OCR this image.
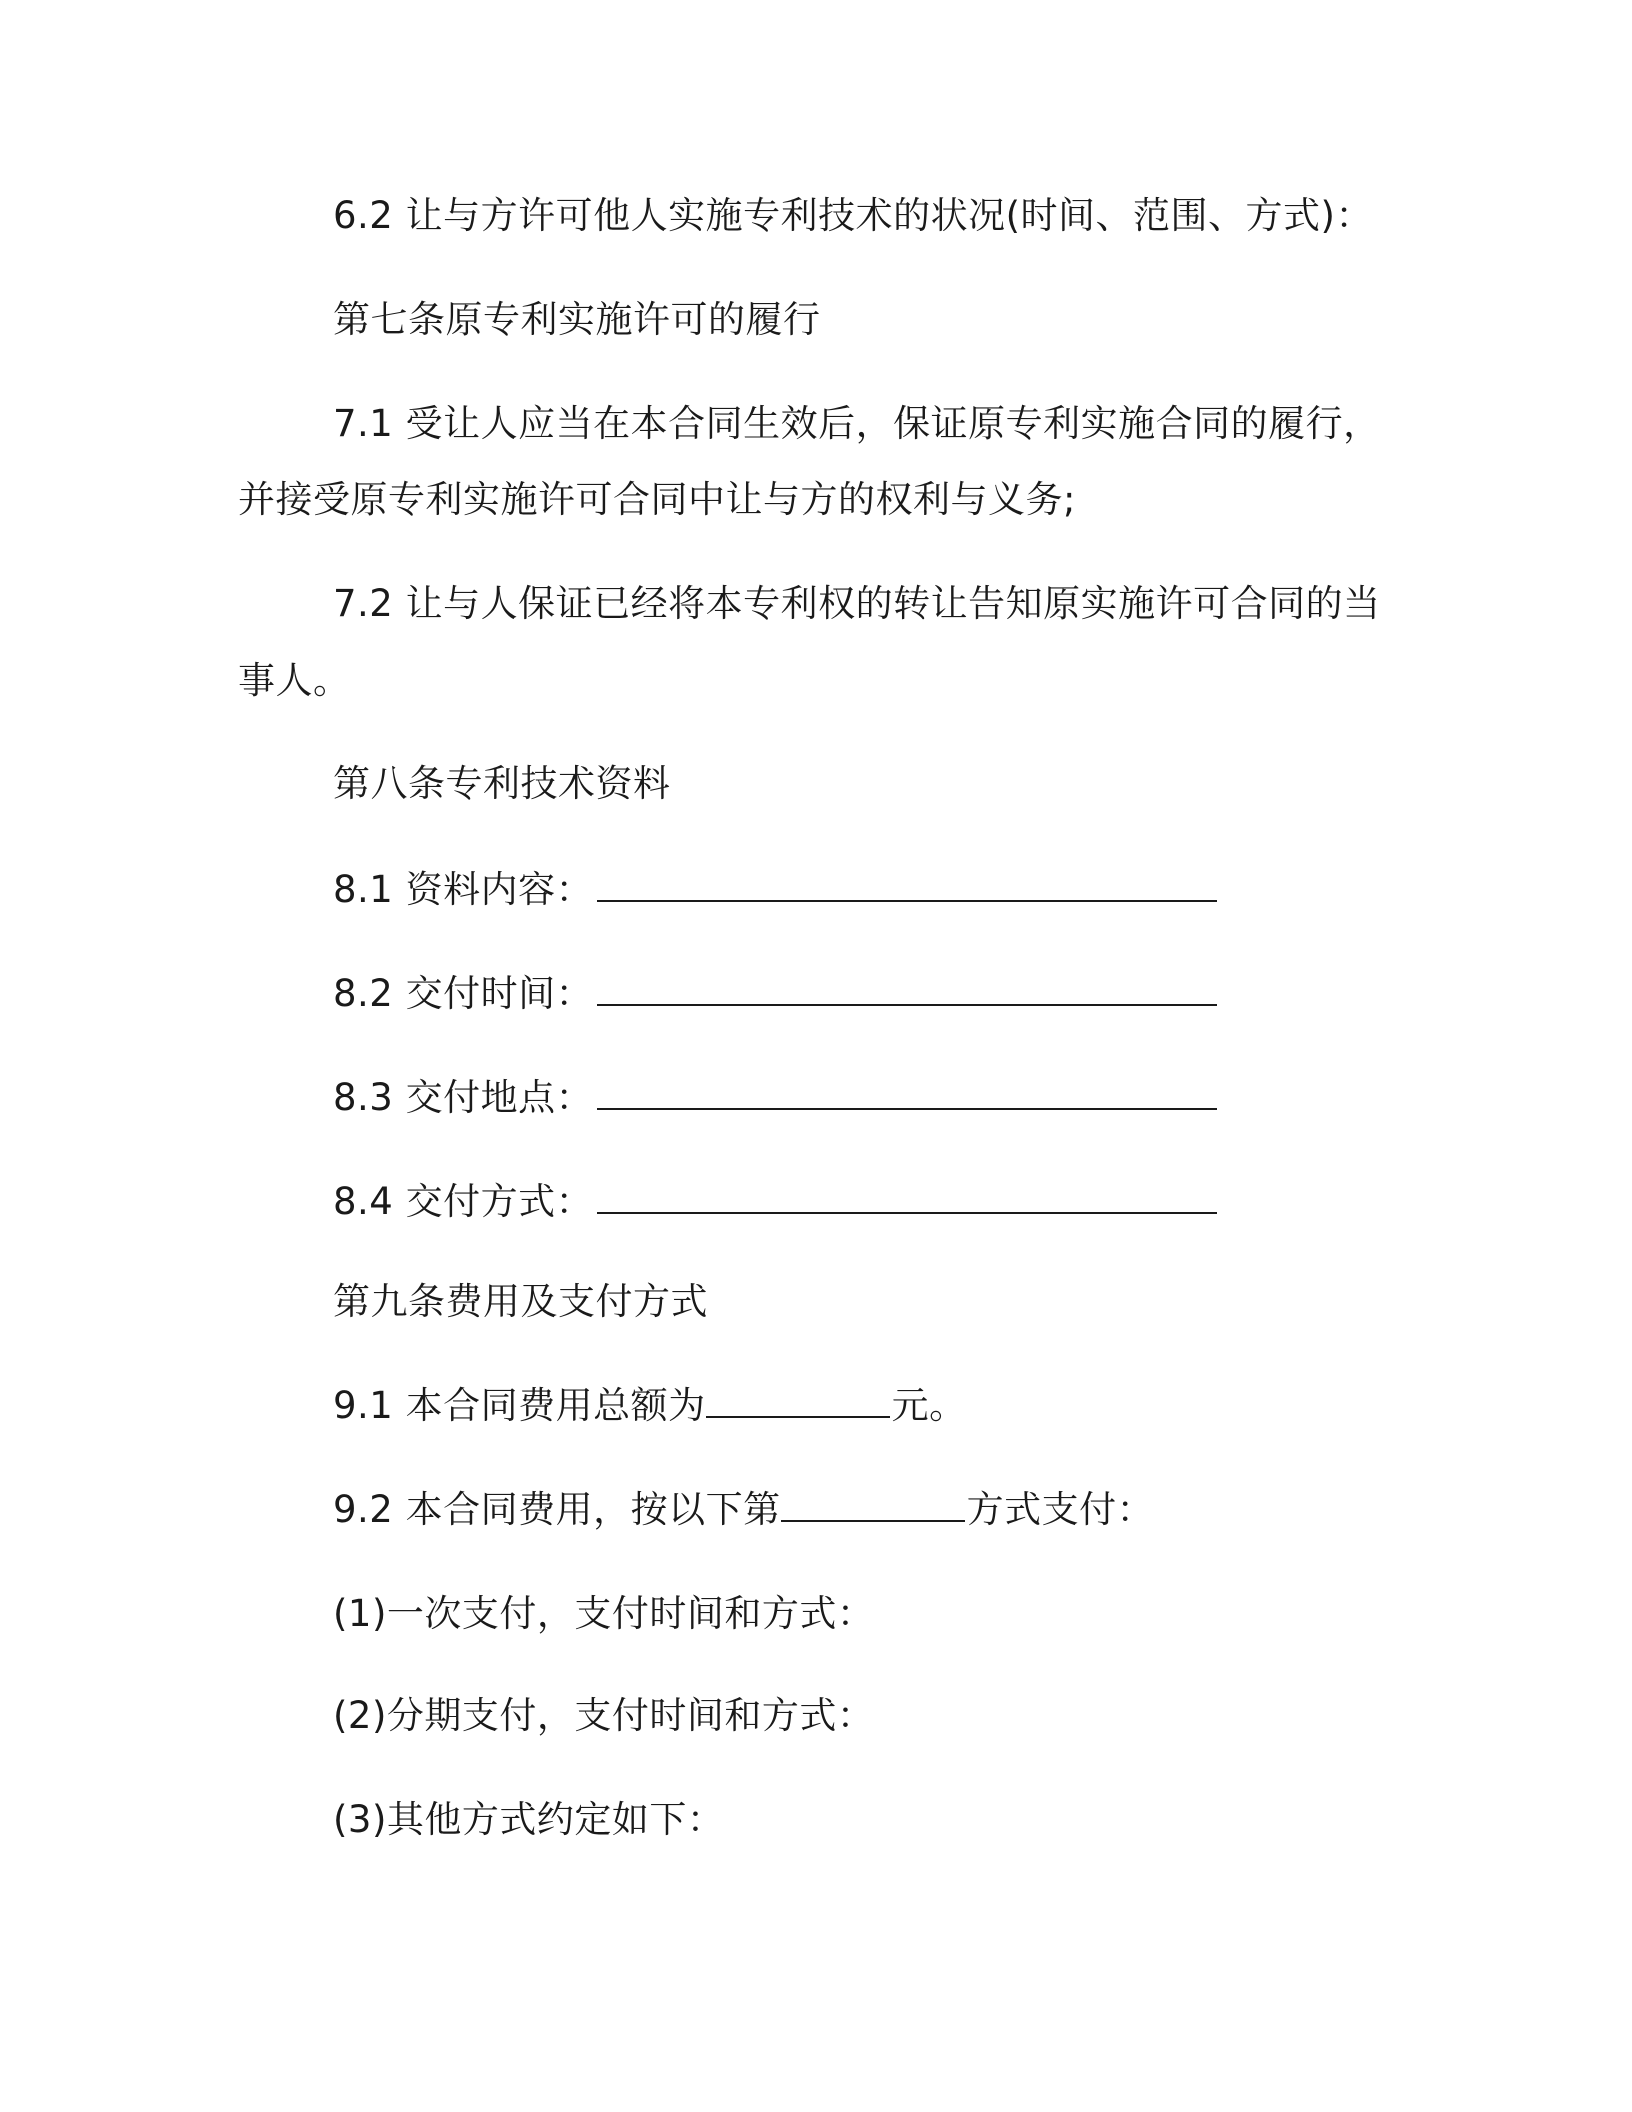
6.2 让与方许可他人实施专利技术的状况(时间、范围、方式)：
第七条原专利实施许可的履行
7.1 受让人应当在本合同生效后，保证原专利实施合同的履行，
并接受原专利实施许可合同中让与方的权利与义务;
7.2 让与人保证已经将本专利权的转让告知原实施许可合同的当
事人。
第八条专利技术资料
8.1 资料内容：
8.2 交付时间：
8.3 交付地点：
8.4 交付方式：
第九条费用及支付方式
9.1 本合同费用总额为	元。
9.2 本合同费用，按以下第	方式支付：
(1)一次支付，支付时间和方式：
(2)分期支付，支付时间和方式：
(3)其他方式约定如下：
